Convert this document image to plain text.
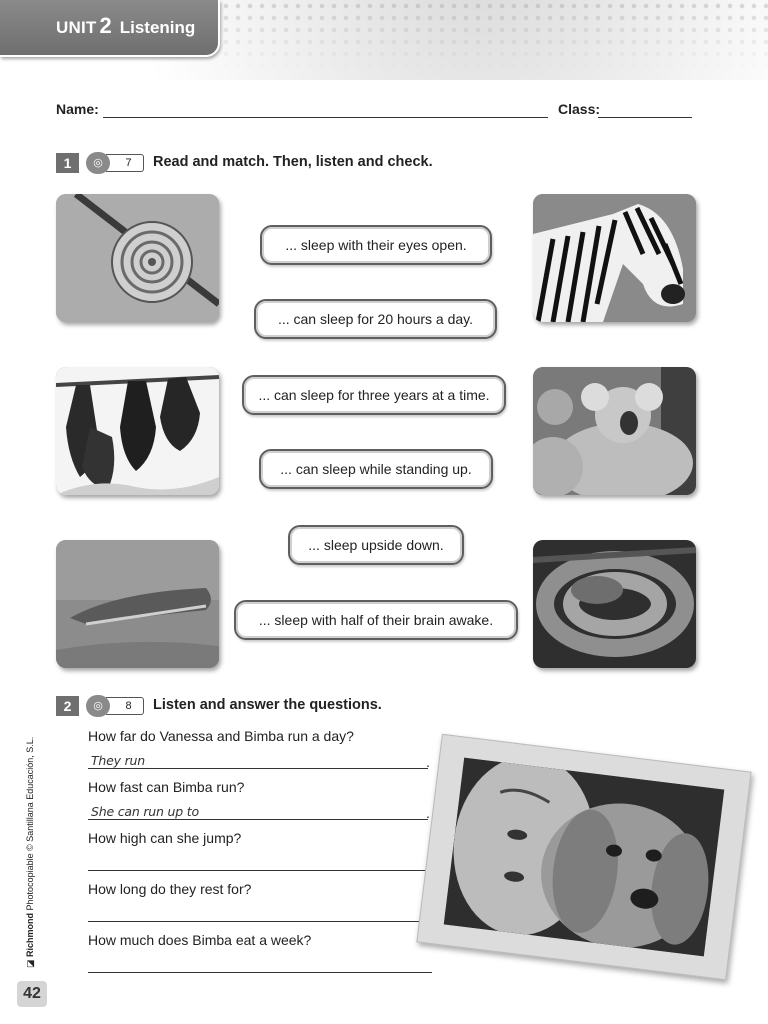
UNIT 2 Listening
Name:	Class:
1	◎	7	Read and match. Then, listen and check.
... sleep with their eyes open.
... can sleep for 20 hours a day.
... can sleep for three years at a time.
... can sleep while standing up.
... sleep upside down.
... sleep with half of their brain awake.
2	◎	8	Listen and answer the questions.
How far do Vanessa and Bimba run a day?
They run	.
How fast can Bimba run?
She can run up to	.
How high can she jump?
How long do they rest for?
How much does Bimba eat a week?
◪ Richmond Photocopiable © Santillana Educación, S.L.
42
